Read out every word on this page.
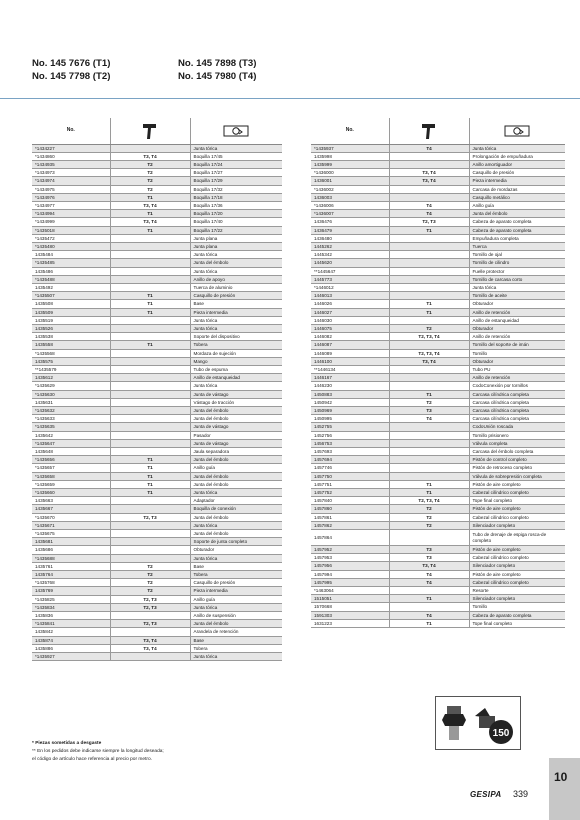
No. 145 7676 (T1)	No. 145 7898 (T3)
No. 145 7798 (T2)	No. 145 7980 (T4)
No.		
*1434227		Junta tórica
*1434860	T3, T4	Boquilla 17/45
*1434935	T2	Boquilla 17/24
*1434973	T2	Boquilla 17/27
*1434974	T2	Boquilla 17/29
*1434975	T2	Boquilla 17/32
*1434976	T1	Boquilla 17/18
*1434977	T3, T4	Boquilla 17/36
*1434994	T1	Boquilla 17/20
*1434999	T3, T4	Boquilla 17/40
*1435018	T1	Boquilla 17/22
*1435472		Junta plana
*1435480		Junta plana
1435484		Junta tórica
*1435485		Junta del émbolo
1435486		Junta tórica
*1435488		Anillo de apoyo
1435492		Tuerca de aluminio
*1435507	T1	Casquillo de presión
1435508	T1	Base
1435509	T1	Pieza intermedia
1435519		Junta tórica
1435526		Junta tórica
1435538		Soporte del dispositivo
1435558	T1	Tobera
*1435568		Mordaza de sujeción
1435575		Mango
**1435579		Tubo de espuma
1435612		Anillo de estanqueidad
*1435629		Junta tórica
*1435630		Junta de vástago
1435631		Vástago de tracción
*1435632		Junta del émbolo
*1435633		Junta del émbolo
*1435635		Junta de vástago
1435642		Pasador
*1435647		Junta de vástago
1435648		Jaula separadora
*1435656	T1	Junta del émbolo
*1435657	T1	Anillo guía
*1435658	T1	Junta del émbolo
*1435659	T1	Junta del émbolo
*1435660	T1	Junta tórica
1435663		Adaptador
1435667		Boquilla de conexión
*1435670	T2, T3	Junta del émbolo
*1435671		Junta tórica
*1435675		Junta del émbolo
1435681		Soporte de junta completo
1435686		Obturador
*1435688		Junta tórica
1435761	T2	Base
1435764	T2	Tobera
*1435768	T2	Casquillo de presión
1435769	T2	Pieza intermedia
*1435825	T2, T3	Anillo guía
*1435834	T2, T3	Junta tórica
1435836		Anillo de suspensión
*1435841	T2, T3	Junta del émbolo
1435842		Arandela de retención
1435874	T3, T4	Base
1435886	T3, T4	Tobera
*1435927		Junta tórica
No.		
*1435937	T4	Junta tórica
1435998		Prolongación de empuñadura
1435999		Anillo amortiguador
*1436000	T3, T4	Casquillo de presión
1436001	T3, T4	Pieza intermedia
*1436002		Carcasa de mordazas
1436003		Casquillo metálico
*1436006	T4	Anillo guía
*1436007	T4	Junta del émbolo
1436476	T2, T3	Cabeza de aparato completa
1436479	T1	Cabeza de aparato completa
1436480		Empuñadura completa
1445262		Tuerca
1445342		Tornillo de ojal
1445620		Tornillo de cilindro
**1445647		Fuelle protector
1445773		Tornillo de carcasa corto
*1446012		Junta tórica
1446013		Tornillo de aceite
1446026	T1	Obturador
1446027	T1	Anillo de retención
1446030		Anillo de estanqueidad
1446075	T2	Obturador
1446082	T2, T3, T4	Anillo de retención
1446087		Tornillo del soporte de imán
1446089	T2, T3, T4	Tornillo
1446100	T3, T4	Obturador
**1446134		Tubo PU
1446167		Anillo de retención
1446230		CodoConexión por tornillos
1450883	T1	Carcasa cilíndrica completa
1450942	T2	Carcasa cilíndrica completa
1450969	T3	Carcasa cilíndrica completa
1450995	T4	Carcasa cilíndrica completa
1452755		CodoUnión roscada
1452756		Tornillo prisionero
1456753		Válvula completa
1457693		Carcasa del émbolo completa
1457694		Pistón de control completo
1457746		Pistón de retroceso completo
1457750		Válvula de sobrepresión completa
1457751	T1	Pistón de aire completo
1457752	T1	Cabezal cilíndrico completo
1457840	T2, T3, T4	Tope final completo
1457860	T2	Pistón de aire completo
1457861	T2	Cabezal cilíndrico completo
1457862	T2	Silenciador completo
1457864		Tubo de drenaje de espiga rosca-de completo
1457952	T3	Pistón de aire completo
1457953	T3	Cabezal cilíndrico completo
1457956	T3, T4	Silenciador completo
1457994	T4	Pistón de aire completo
1457995	T4	Cabezal cilíndrico completo
*1463064		Resorte
1515051	T1	Silenciador completo
1570668		Tornillo
1591303	T4	Cabeza de aparato completa
1631223	T1	Tope final completo
* Piezas sometidas a desgaste
** En los pedidos debe indicarse siempre la longitud deseada;
el código de artículo hace referencia al precio por metro.
150
10
GESIPA 339
